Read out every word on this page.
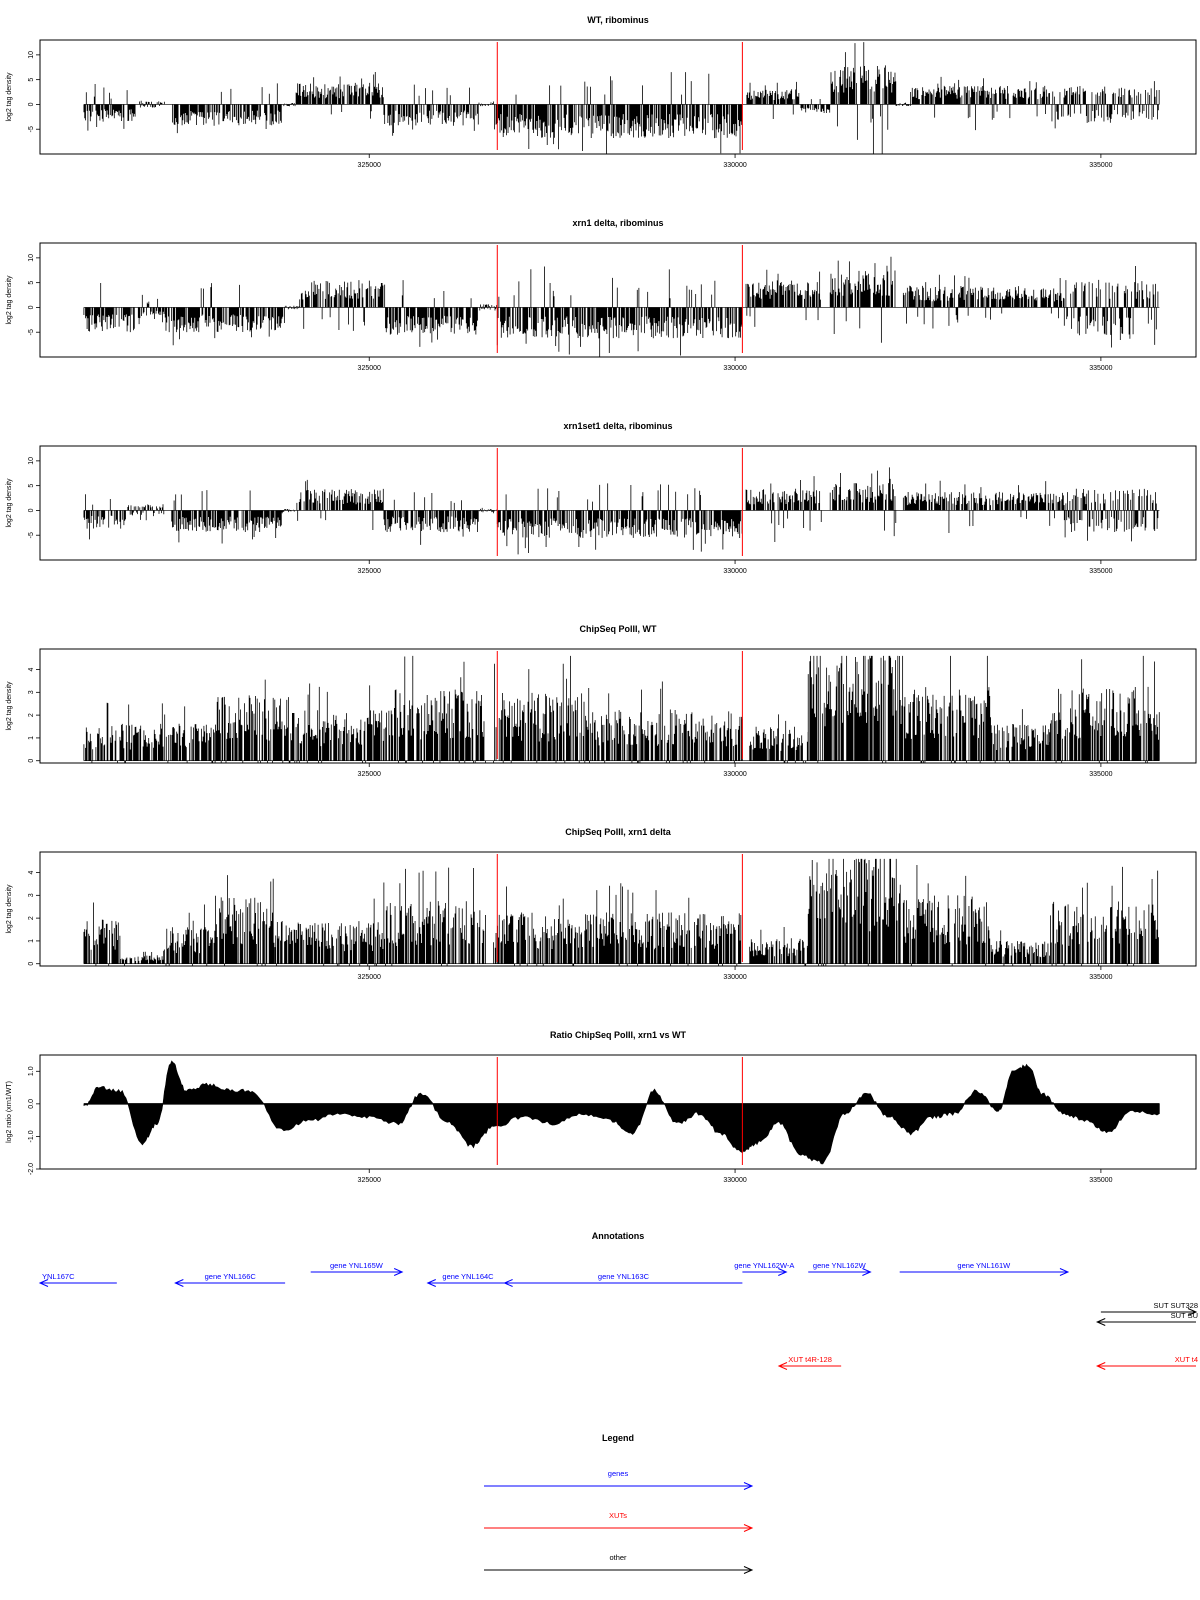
WT, ribominus
log2 tag density
-5
0
5
10
325000	330000	335000
xrn1 delta, ribominus
log2 tag density
-5
0
5
10
325000	330000	335000
xrn1set1 delta, ribominus
log2 tag density
-5
0
5
10
325000	330000	335000
ChipSeq PolII, WT
log2 tag density
0
1
2
3
4
325000	330000	335000
ChipSeq PolII, xrn1 delta
log2 tag density
0
1
2
3
4
325000	330000	335000
Ratio ChipSeq PolII, xrn1 vs WT
log2 ratio (xrn1/WT)
-2.0
-1.0
0.0
1.0
325000	330000	335000
Annotations
YNL167C	gene YNL166C
gene YNL165W
gene YNL164C	gene YNL163C
gene YNL162W-A gene YNL162W	gene YNL161W
SUT SUT328
SUT SU
XUT t4R-128	XUT t4
Legend
genes
XUTs
other
